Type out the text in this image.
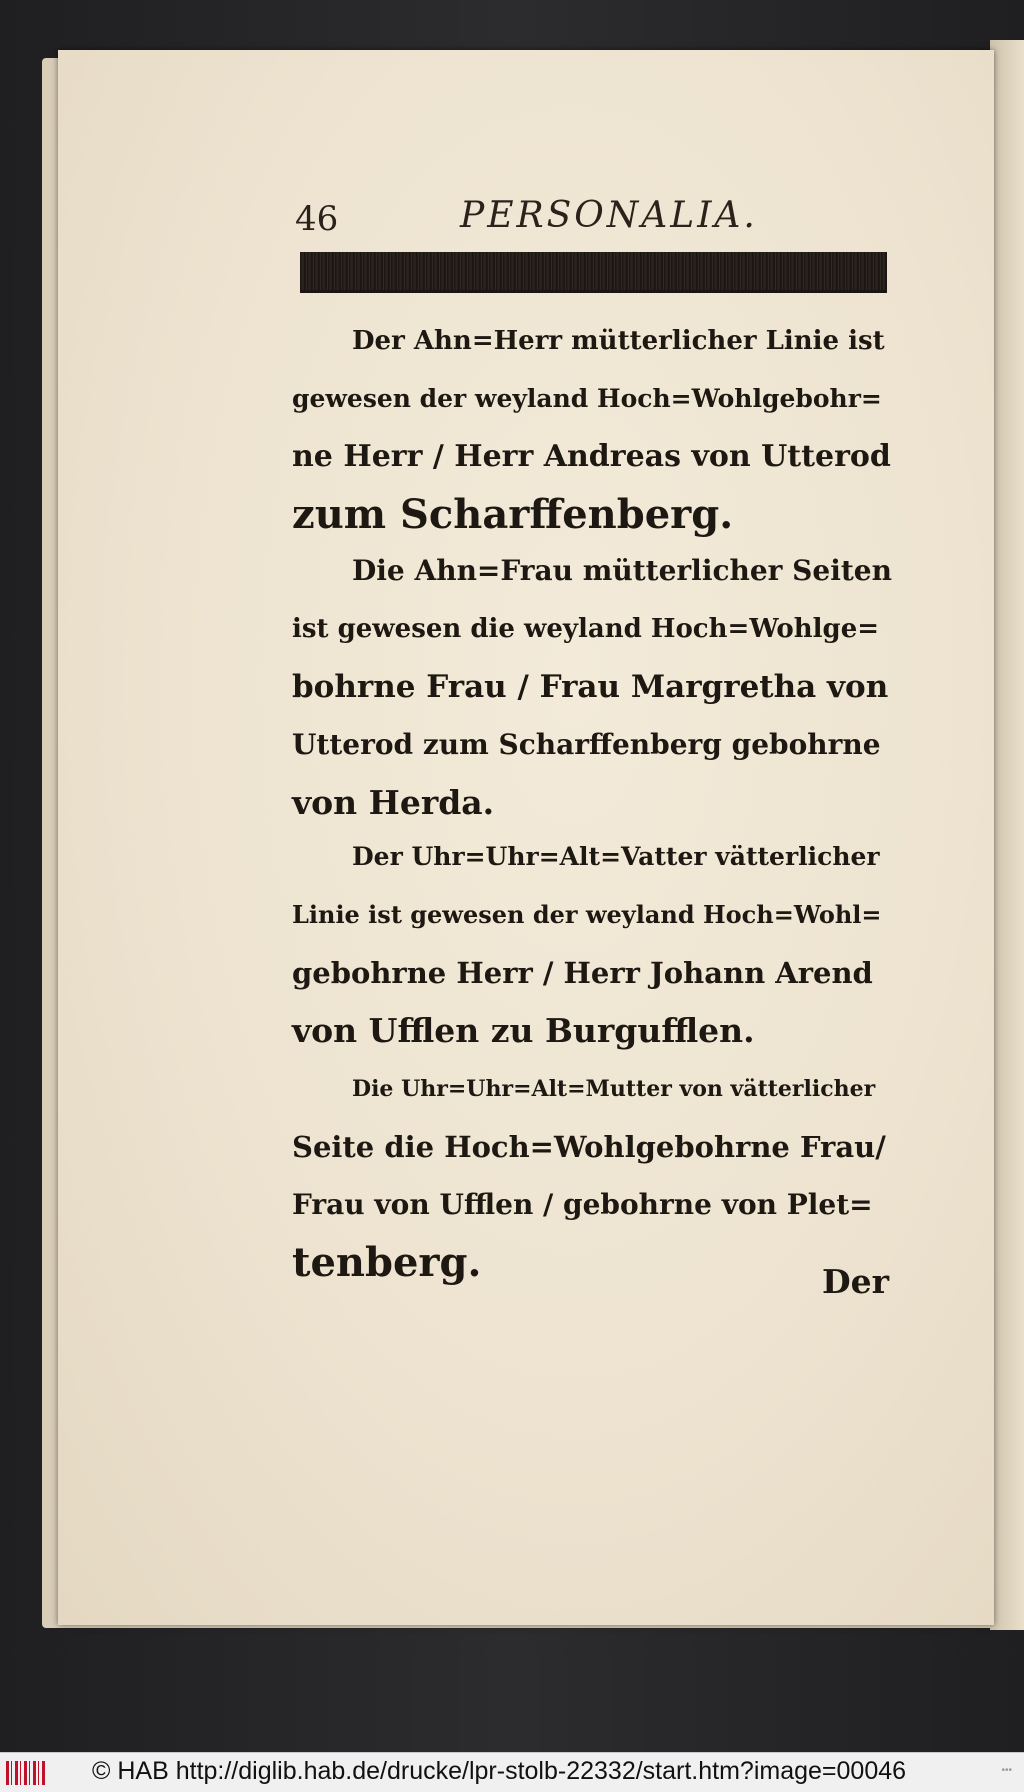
46	PERSONALIA.
Der Ahn=Herr mütterlicher Linie ist
gewesen der weyland Hoch=Wohlgebohr=
ne Herr / Herr Andreas von Utterod
zum Scharffenberg.
Die Ahn=Frau mütterlicher Seiten
ist gewesen die weyland Hoch=Wohlge=
bohrne Frau / Frau Margretha von
Utterod zum Scharffenberg gebohrne
von Herda.
Der Uhr=Uhr=Alt=Vatter vätterlicher
Linie ist gewesen der weyland Hoch=Wohl=
gebohrne Herr / Herr Johann Arend
von Ufflen zu Burgufflen.
Die Uhr=Uhr=Alt=Mutter von vätterlicher
Seite die Hoch=Wohlgebohrne Frau/
Frau von Ufflen / gebohrne von Plet=
tenberg.	Der
© HAB http://diglib.hab.de/drucke/lpr-stolb-22332/start.htm?image=00046	•••
